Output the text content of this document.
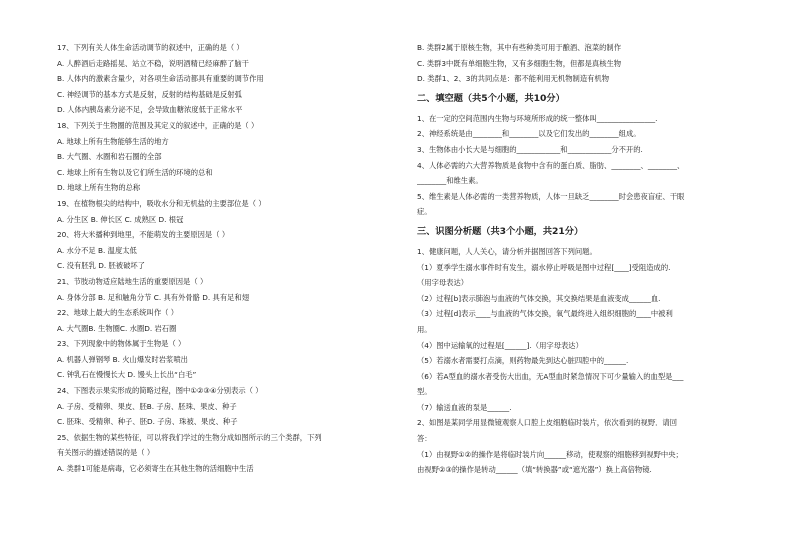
17、下列有关人体生命活动调节的叙述中，正确的是（ ）
A. 人醉酒后走路摇晃、站立不稳，说明酒精已经麻醉了脑干
B. 人体内的激素含量少，对各项生命活动都具有重要的调节作用
C. 神经调节的基本方式是反射，反射的结构基础是反射弧
D. 人体内胰岛素分泌不足，会导致血糖浓度低于正常水平
18、下列关于生物圈的范围及其定义的叙述中，正确的是（ ）
A. 地球上所有生物能够生活的地方
B. 大气圈、水圈和岩石圈的全部
C. 地球上所有生物以及它们所生活的环境的总和
D. 地球上所有生物的总称
19、在植物根尖的结构中，吸收水分和无机盐的主要部位是（ ）
A. 分生区 B. 伸长区 C. 成熟区 D. 根冠
20、将大米播种到地里，不能萌发的主要原因是（ ）
A. 水分不足 B. 温度太低
C. 没有胚乳 D. 胚被破坏了
21、节肢动物适应陆地生活的重要原因是（ ）
A. 身体分部 B. 足和触角分节 C. 具有外骨骼 D. 具有足和翅
22、地球上最大的生态系统叫作（ ）
A. 大气圈B. 生物圈C. 水圈D. 岩石圈
23、下列现象中的物体属于生物是（ ）
A. 机器人弹钢琴 B. 火山爆发时岩浆喷出
C. 钟乳石在慢慢长大 D. 馒头上长出“白毛”
24、下图表示果实形成的简略过程，图中①②③④分别表示（ ）
A. 子房、受精卵、果皮、胚B. 子房、胚珠、果皮、种子
C. 胚珠、受精卵、种子、胚D. 子房、珠被、果皮、种子
25、依据生物的某些特征，可以将我们学过的生物分成如图所示的三个类群，下列
有关图示的描述错误的是（ ）
A. 类群1可能是病毒，它必须寄生在其他生物的活细胞中生活
B. 类群2属于原核生物，其中有些种类可用于酿酒、泡菜的制作
C. 类群3中既有单细胞生物，又有多细胞生物，但都是真核生物
D. 类群1、2、3的共同点是：都不能利用无机物制造有机物
二、填空题（共5个小题，共10分）
1、在一定的空间范围内生物与环境所形成的统一整体叫________________.
2、神经系统是由________和________以及它们发出的________组成。
3、生物体由小长大是与细胞的____________和____________分不开的.
4、人体必需的六大营养物质是食物中含有的蛋白质、脂肪、________、________、
________和维生素。
5、维生素是人体必需的一类营养物质，人体一旦缺乏________时会患夜盲症、干眼
症。
三、识图分析题（共3个小题，共21分）
1、健康问题，人人关心，请分析并据图回答下列问题。
（1）夏季学生溺水事件时有发生，溺水停止呼吸是图中过程[____]受阻造成的.
（用字母表达）
（2）过程[b]表示肺泡与血液的气体交换，其交换结果是血液变成______血.
（3）过程[d]表示____与血液的气体交换，氧气最终进入组织细胞的____中被利
用。
（4）图中运输氧的过程是[______].（用字母表达）
（5）若溺水者需要打点滴，则药物最先到达心脏四腔中的______.
（6）若A型血的溺水者受伤大出血，无A型血时紧急情况下可少量输入的血型是___
型。
（7）输送血液的泵是______.
2、如图是某同学用显微镜观察人口腔上皮细胞临时装片，依次看到的视野．请回
答：
（1）由视野①②的操作是将临时装片向______移动，使观察的细胞移到视野中央；
由视野②③的操作是转动______（填“转换器”或“遮光器”）换上高倍物镜.
